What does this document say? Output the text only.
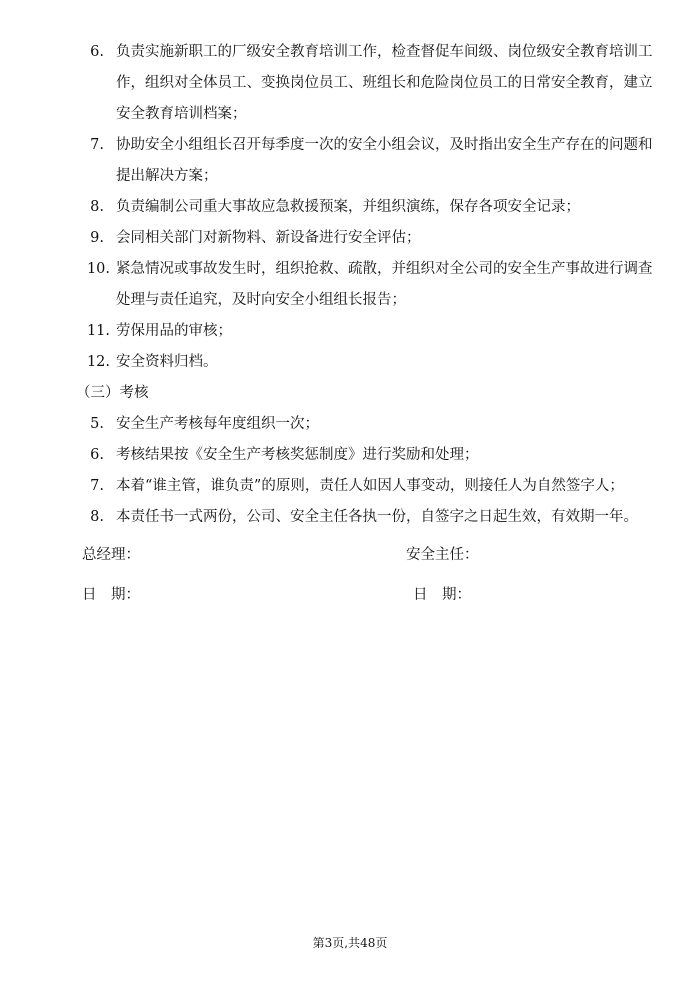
6. 负责实施新职工的厂级安全教育培训工作，检查督促车间级、岗位级安全教育培训工
作，组织对全体员工、变换岗位员工、班组长和危险岗位员工的日常安全教育，建立
安全教育培训档案；
7. 协助安全小组组长召开每季度一次的安全小组会议，及时指出安全生产存在的问题和
提出解决方案；
8. 负责编制公司重大事故应急救援预案，并组织演练，保存各项安全记录；
9. 会同相关部门对新物料、新设备进行安全评估；
10. 紧急情况或事故发生时，组织抢救、疏散，并组织对全公司的安全生产事故进行调查
处理与责任追究，及时向安全小组组长报告；
11. 劳保用品的审核；
12. 安全资料归档。
（三）考核
5. 安全生产考核每年度组织一次；
6. 考核结果按《安全生产考核奖惩制度》进行奖励和处理；
7. 本着“谁主管，谁负责”的原则，责任人如因人事变动，则接任人为自然签字人；
8. 本责任书一式两份，公司、安全主任各执一份，自签字之日起生效，有效期一年。
总经理：	安全主任：
日　期：	日　期：
第3页,共48页
